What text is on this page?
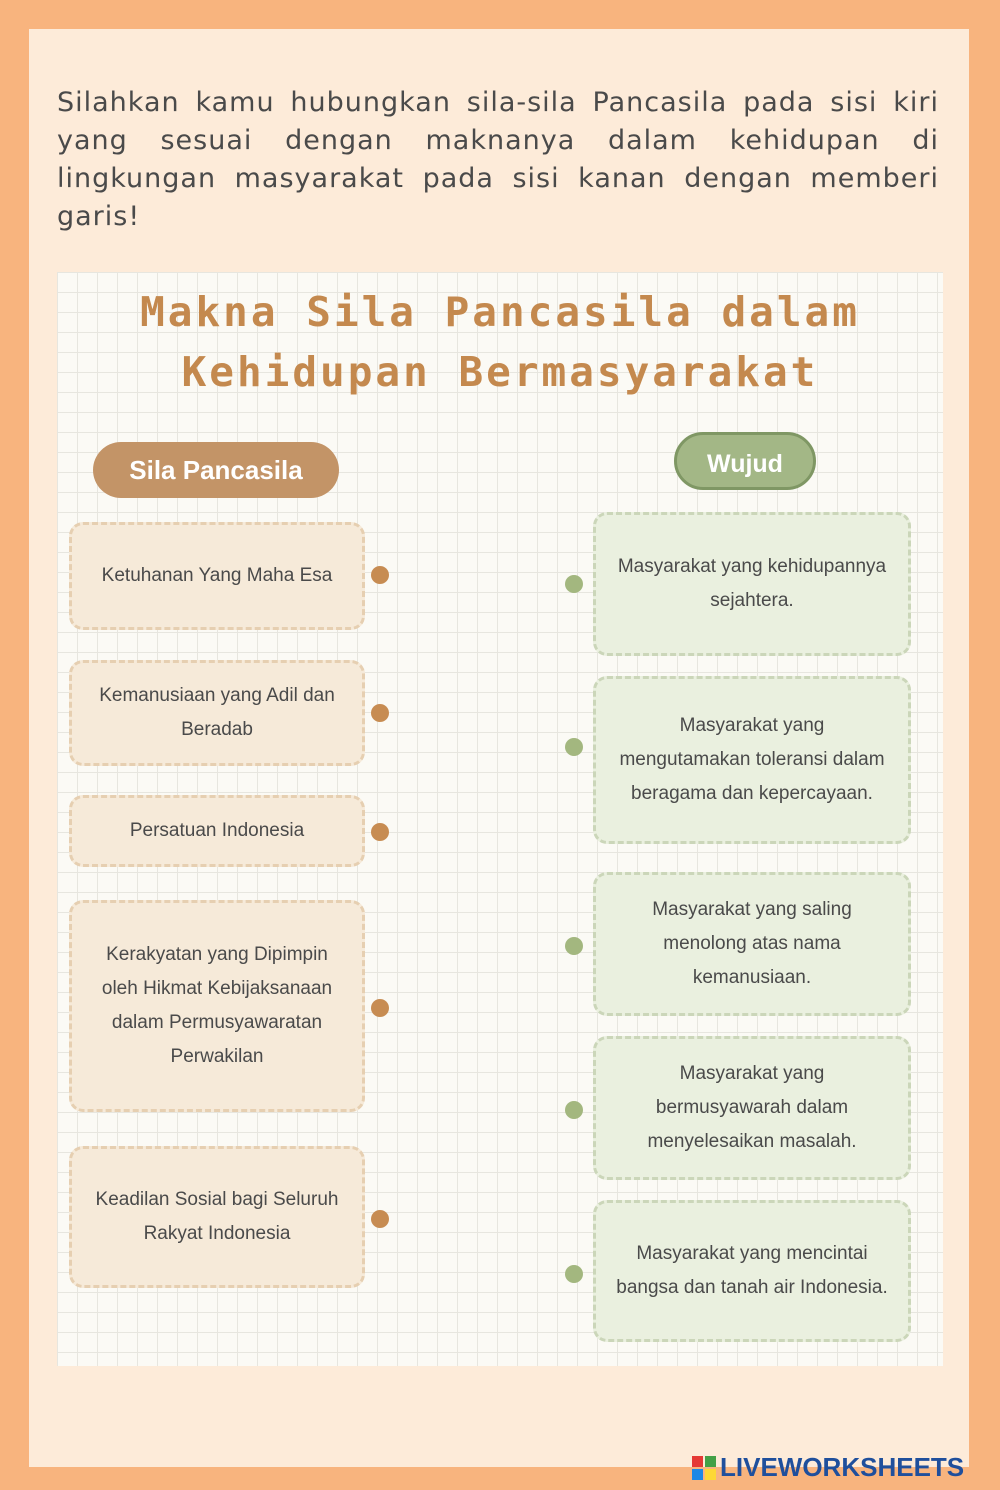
Silahkan kamu hubungkan sila-sila Pancasila pada sisi kiri yang sesuai dengan maknanya dalam kehidupan di lingkungan masyarakat pada sisi kanan dengan memberi garis!
Makna Sila Pancasila dalam
Kehidupan Bermasyarakat
Sila Pancasila	Wujud
Ketuhanan Yang Maha Esa
Kemanusiaan yang Adil dan Beradab
Persatuan Indonesia
Kerakyatan yang Dipimpin oleh Hikmat Kebijaksanaan dalam Permusyawaratan Perwakilan
Keadilan Sosial bagi Seluruh Rakyat Indonesia
Masyarakat yang kehidupannya sejahtera.
Masyarakat yang mengutamakan toleransi dalam beragama dan kepercayaan.
Masyarakat yang saling menolong atas nama kemanusiaan.
Masyarakat yang bermusyawarah dalam menyelesaikan masalah.
Masyarakat yang mencintai bangsa dan tanah air Indonesia.
LIVEWORKSHEETS
